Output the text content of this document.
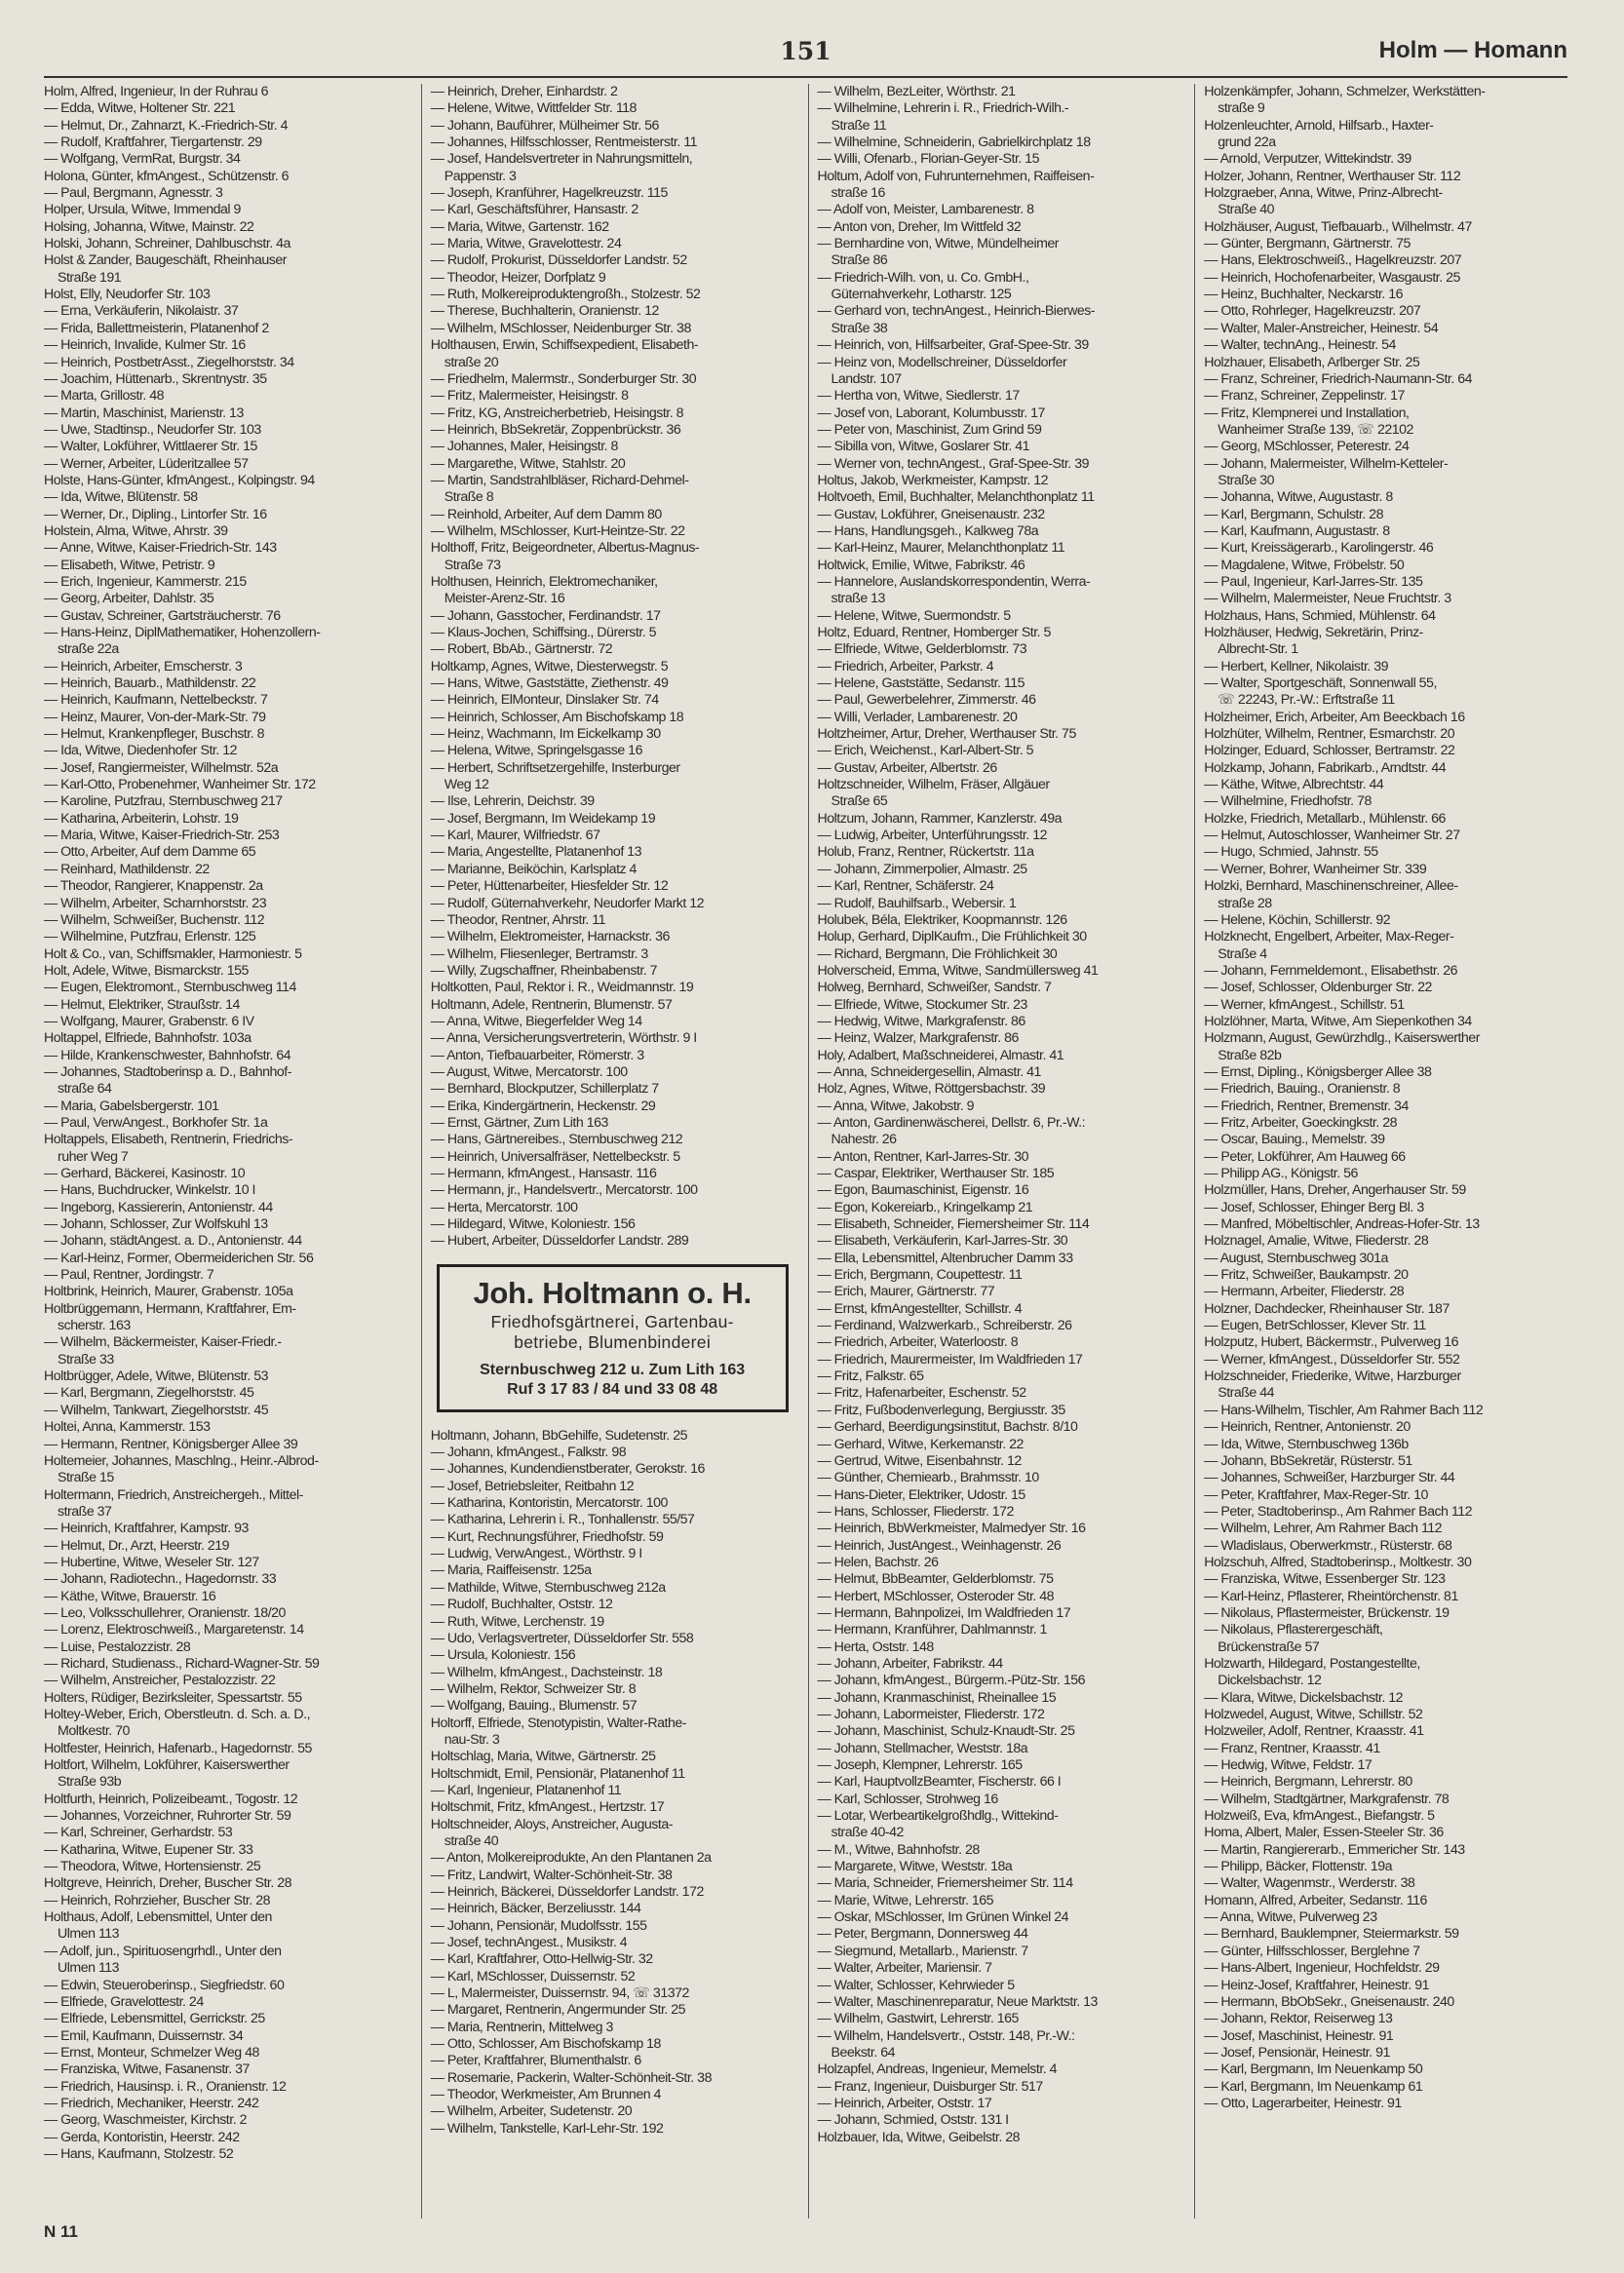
151	Holm — Homann
Holm, Alfred, Ingenieur, In der Ruhrau 6
— Edda, Witwe, Holtener Str. 221
— Helmut, Dr., Zahnarzt, K.-Friedrich-Str. 4
— Rudolf, Kraftfahrer, Tiergartenstr. 29
— Wolfgang, VermRat, Burgstr. 34
Holona, Günter, kfmAngest., Schützenstr. 6
— Paul, Bergmann, Agnesstr. 3
Holper, Ursula, Witwe, Immendal 9
Holsing, Johanna, Witwe, Mainstr. 22
Holski, Johann, Schreiner, Dahlbuschstr. 4a
Holst & Zander, Baugeschäft, Rheinhauser
Straße 191
Holst, Elly, Neudorfer Str. 103
— Erna, Verkäuferin, Nikolaistr. 37
— Frida, Ballettmeisterin, Platanenhof 2
— Heinrich, Invalide, Kulmer Str. 16
— Heinrich, PostbetrAsst., Ziegelhorststr. 34
— Joachim, Hüttenarb., Skrentnystr. 35
— Marta, Grillostr. 48
— Martin, Maschinist, Marienstr. 13
— Uwe, Stadtinsp., Neudorfer Str. 103
— Walter, Lokführer, Wittlaerer Str. 15
— Werner, Arbeiter, Lüderitzallee 57
Holste, Hans-Günter, kfmAngest., Kolpingstr. 94
— Ida, Witwe, Blütenstr. 58
— Werner, Dr., Dipling., Lintorfer Str. 16
Holstein, Alma, Witwe, Ahrstr. 39
— Anne, Witwe, Kaiser-Friedrich-Str. 143
— Elisabeth, Witwe, Petristr. 9
— Erich, Ingenieur, Kammerstr. 215
— Georg, Arbeiter, Dahlstr. 35
— Gustav, Schreiner, Gartsträucherstr. 76
— Hans-Heinz, DiplMathematiker, Hohenzollern-
straße 22a
— Heinrich, Arbeiter, Emscherstr. 3
— Heinrich, Bauarb., Mathildenstr. 22
— Heinrich, Kaufmann, Nettelbeckstr. 7
— Heinz, Maurer, Von-der-Mark-Str. 79
— Helmut, Krankenpfleger, Buschstr. 8
— Ida, Witwe, Diedenhofer Str. 12
— Josef, Rangiermeister, Wilhelmstr. 52a
— Karl-Otto, Probenehmer, Wanheimer Str. 172
— Karoline, Putzfrau, Sternbuschweg 217
— Katharina, Arbeiterin, Lohstr. 19
— Maria, Witwe, Kaiser-Friedrich-Str. 253
— Otto, Arbeiter, Auf dem Damme 65
— Reinhard, Mathildenstr. 22
— Theodor, Rangierer, Knappenstr. 2a
— Wilhelm, Arbeiter, Scharnhorststr. 23
— Wilhelm, Schweißer, Buchenstr. 112
— Wilhelmine, Putzfrau, Erlenstr. 125
Holt & Co., van, Schiffsmakler, Harmoniestr. 5
Holt, Adele, Witwe, Bismarckstr. 155
— Eugen, Elektromont., Sternbuschweg 114
— Helmut, Elektriker, Straußstr. 14
— Wolfgang, Maurer, Grabenstr. 6 IV
Holtappel, Elfriede, Bahnhofstr. 103a
— Hilde, Krankenschwester, Bahnhofstr. 64
— Johannes, Stadtoberinsp a. D., Bahnhof-
straße 64
— Maria, Gabelsbergerstr. 101
— Paul, VerwAngest., Borkhofer Str. 1a
Holtappels, Elisabeth, Rentnerin, Friedrichs-
ruher Weg 7
— Gerhard, Bäckerei, Kasinostr. 10
— Hans, Buchdrucker, Winkelstr. 10 I
— Ingeborg, Kassiererin, Antonienstr. 44
— Johann, Schlosser, Zur Wolfskuhl 13
— Johann, städtAngest. a. D., Antonienstr. 44
— Karl-Heinz, Former, Obermeiderichen Str. 56
— Paul, Rentner, Jordingstr. 7
Holtbrink, Heinrich, Maurer, Grabenstr. 105a
Holtbrüggemann, Hermann, Kraftfahrer, Em-
scherstr. 163
— Wilhelm, Bäckermeister, Kaiser-Friedr.-
Straße 33
Holtbrügger, Adele, Witwe, Blütenstr. 53
— Karl, Bergmann, Ziegelhorststr. 45
— Wilhelm, Tankwart, Ziegelhorststr. 45
Holtei, Anna, Kammerstr. 153
— Hermann, Rentner, Königsberger Allee 39
Holtemeier, Johannes, Maschlng., Heinr.-Albrod-
Straße 15
Holtermann, Friedrich, Anstreichergeh., Mittel-
straße 37
— Heinrich, Kraftfahrer, Kampstr. 93
— Helmut, Dr., Arzt, Heerstr. 219
— Hubertine, Witwe, Weseler Str. 127
— Johann, Radiotechn., Hagedornstr. 33
— Käthe, Witwe, Brauerstr. 16
— Leo, Volksschullehrer, Oranienstr. 18/20
— Lorenz, Elektroschweiß., Margaretenstr. 14
— Luise, Pestalozzistr. 28
— Richard, Studienass., Richard-Wagner-Str. 59
— Wilhelm, Anstreicher, Pestalozzistr. 22
Holters, Rüdiger, Bezirksleiter, Spessartstr. 55
Holtey-Weber, Erich, Oberstleutn. d. Sch. a. D.,
Moltkestr. 70
Holtfester, Heinrich, Hafenarb., Hagedornstr. 55
Holtfort, Wilhelm, Lokführer, Kaiserswerther
Straße 93b
Holtfurth, Heinrich, Polizeibeamt., Togostr. 12
— Johannes, Vorzeichner, Ruhrorter Str. 59
— Karl, Schreiner, Gerhardstr. 53
— Katharina, Witwe, Eupener Str. 33
— Theodora, Witwe, Hortensienstr. 25
Holtgreve, Heinrich, Dreher, Buscher Str. 28
— Heinrich, Rohrzieher, Buscher Str. 28
Holthaus, Adolf, Lebensmittel, Unter den
Ulmen 113
— Adolf, jun., Spirituosengrhdl., Unter den
Ulmen 113
— Edwin, Steueroberinsp., Siegfriedstr. 60
— Elfriede, Gravelottestr. 24
— Elfriede, Lebensmittel, Gerrickstr. 25
— Emil, Kaufmann, Duissernstr. 34
— Ernst, Monteur, Schmelzer Weg 48
— Franziska, Witwe, Fasanenstr. 37
— Friedrich, Hausinsp. i. R., Oranienstr. 12
— Friedrich, Mechaniker, Heerstr. 242
— Georg, Waschmeister, Kirchstr. 2
— Gerda, Kontoristin, Heerstr. 242
— Hans, Kaufmann, Stolzestr. 52
— Heinrich, Dreher, Einhardstr. 2
— Helene, Witwe, Wittfelder Str. 118
— Johann, Bauführer, Mülheimer Str. 56
— Johannes, Hilfsschlosser, Rentmeisterstr. 11
— Josef, Handelsvertreter in Nahrungsmitteln,
Pappenstr. 3
— Joseph, Kranführer, Hagelkreuzstr. 115
— Karl, Geschäftsführer, Hansastr. 2
— Maria, Witwe, Gartenstr. 162
— Maria, Witwe, Gravelottestr. 24
— Rudolf, Prokurist, Düsseldorfer Landstr. 52
— Theodor, Heizer, Dorfplatz 9
— Ruth, Molkereiproduktengroßh., Stolzestr. 52
— Therese, Buchhalterin, Oranienstr. 12
— Wilhelm, MSchlosser, Neidenburger Str. 38
Holthausen, Erwin, Schiffsexpedient, Elisabeth-
straße 20
— Friedhelm, Malermstr., Sonderburger Str. 30
— Fritz, Malermeister, Heisingstr. 8
— Fritz, KG, Anstreicherbetrieb, Heisingstr. 8
— Heinrich, BbSekretär, Zoppenbrückstr. 36
— Johannes, Maler, Heisingstr. 8
— Margarethe, Witwe, Stahlstr. 20
— Martin, Sandstrahlbläser, Richard-Dehmel-
Straße 8
— Reinhold, Arbeiter, Auf dem Damm 80
— Wilhelm, MSchlosser, Kurt-Heintze-Str. 22
Holthoff, Fritz, Beigeordneter, Albertus-Magnus-
Straße 73
Holthusen, Heinrich, Elektromechaniker,
Meister-Arenz-Str. 16
— Johann, Gasstocher, Ferdinandstr. 17
— Klaus-Jochen, Schiffsing., Dürerstr. 5
— Robert, BbAb., Gärtnerstr. 72
Holtkamp, Agnes, Witwe, Diesterwegstr. 5
— Hans, Witwe, Gaststätte, Ziethenstr. 49
— Heinrich, ElMonteur, Dinslaker Str. 74
— Heinrich, Schlosser, Am Bischofskamp 18
— Heinz, Wachmann, Im Eickelkamp 30
— Helena, Witwe, Springelsgasse 16
— Herbert, Schriftsetzergehilfe, Insterburger
Weg 12
— Ilse, Lehrerin, Deichstr. 39
— Josef, Bergmann, Im Weidekamp 19
— Karl, Maurer, Wilfriedstr. 67
— Maria, Angestellte, Platanenhof 13
— Marianne, Beiköchin, Karlsplatz 4
— Peter, Hüttenarbeiter, Hiesfelder Str. 12
— Rudolf, Güternahverkehr, Neudorfer Markt 12
— Theodor, Rentner, Ahrstr. 11
— Wilhelm, Elektromeister, Harnackstr. 36
— Wilhelm, Fliesenleger, Bertramstr. 3
— Willy, Zugschaffner, Rheinbabenstr. 7
Holtkotten, Paul, Rektor i. R., Weidmannstr. 19
Holtmann, Adele, Rentnerin, Blumenstr. 57
— Anna, Witwe, Biegerfelder Weg 14
— Anna, Versicherungsvertreterin, Wörthstr. 9 I
— Anton, Tiefbauarbeiter, Römerstr. 3
— August, Witwe, Mercatorstr. 100
— Bernhard, Blockputzer, Schillerplatz 7
— Erika, Kindergärtnerin, Heckenstr. 29
— Ernst, Gärtner, Zum Lith 163
— Hans, Gärtnereibes., Sternbuschweg 212
— Heinrich, Universalfräser, Nettelbeckstr. 5
— Hermann, kfmAngest., Hansastr. 116
— Hermann, jr., Handelsvertr., Mercatorstr. 100
— Herta, Mercatorstr. 100
— Hildegard, Witwe, Koloniestr. 156
— Hubert, Arbeiter, Düsseldorfer Landstr. 289
Joh. Holtmann o. H.
Friedhofsgärtnerei, Gartenbau-
betriebe, Blumenbinderei
Sternbuschweg 212 u. Zum Lith 163
Ruf 3 17 83 / 84 und 33 08 48
Holtmann, Johann, BbGehilfe, Sudetenstr. 25
— Johann, kfmAngest., Falkstr. 98
— Johannes, Kundendienstberater, Gerokstr. 16
— Josef, Betriebsleiter, Reitbahn 12
— Katharina, Kontoristin, Mercatorstr. 100
— Katharina, Lehrerin i. R., Tonhallenstr. 55/57
— Kurt, Rechnungsführer, Friedhofstr. 59
— Ludwig, VerwAngest., Wörthstr. 9 I
— Maria, Raiffeisenstr. 125a
— Mathilde, Witwe, Sternbuschweg 212a
— Rudolf, Buchhalter, Oststr. 12
— Ruth, Witwe, Lerchenstr. 19
— Udo, Verlagsvertreter, Düsseldorfer Str. 558
— Ursula, Koloniestr. 156
— Wilhelm, kfmAngest., Dachsteinstr. 18
— Wilhelm, Rektor, Schweizer Str. 8
— Wolfgang, Bauing., Blumenstr. 57
Holtorff, Elfriede, Stenotypistin, Walter-Rathe-
nau-Str. 3
Holtschlag, Maria, Witwe, Gärtnerstr. 25
Holtschmidt, Emil, Pensionär, Platanenhof 11
— Karl, Ingenieur, Platanenhof 11
Holtschmit, Fritz, kfmAngest., Hertzstr. 17
Holtschneider, Aloys, Anstreicher, Augusta-
straße 40
— Anton, Molkereiprodukte, An den Plantanen 2a
— Fritz, Landwirt, Walter-Schönheit-Str. 38
— Heinrich, Bäckerei, Düsseldorfer Landstr. 172
— Heinrich, Bäcker, Berzeliusstr. 144
— Johann, Pensionär, Mudolfsstr. 155
— Josef, technAngest., Musikstr. 4
— Karl, Kraftfahrer, Otto-Hellwig-Str. 32
— Karl, MSchlosser, Duissernstr. 52
— L, Malermeister, Duissernstr. 94, ☏ 31372
— Margaret, Rentnerin, Angermunder Str. 25
— Maria, Rentnerin, Mittelweg 3
— Otto, Schlosser, Am Bischofskamp 18
— Peter, Kraftfahrer, Blumenthalstr. 6
— Rosemarie, Packerin, Walter-Schönheit-Str. 38
— Theodor, Werkmeister, Am Brunnen 4
— Wilhelm, Arbeiter, Sudetenstr. 20
— Wilhelm, Tankstelle, Karl-Lehr-Str. 192
— Wilhelm, BezLeiter, Wörthstr. 21
— Wilhelmine, Lehrerin i. R., Friedrich-Wilh.-
Straße 11
— Wilhelmine, Schneiderin, Gabrielkirchplatz 18
— Willi, Ofenarb., Florian-Geyer-Str. 15
Holtum, Adolf von, Fuhrunternehmen, Raiffeisen-
straße 16
— Adolf von, Meister, Lambarenestr. 8
— Anton von, Dreher, Im Wittfeld 32
— Bernhardine von, Witwe, Mündelheimer
Straße 86
— Friedrich-Wilh. von, u. Co. GmbH.,
Güternahverkehr, Lotharstr. 125
— Gerhard von, technAngest., Heinrich-Bierwes-
Straße 38
— Heinrich, von, Hilfsarbeiter, Graf-Spee-Str. 39
— Heinz von, Modellschreiner, Düsseldorfer
Landstr. 107
— Hertha von, Witwe, Siedlerstr. 17
— Josef von, Laborant, Kolumbusstr. 17
— Peter von, Maschinist, Zum Grind 59
— Sibilla von, Witwe, Goslarer Str. 41
— Werner von, technAngest., Graf-Spee-Str. 39
Holtus, Jakob, Werkmeister, Kampstr. 12
Holtvoeth, Emil, Buchhalter, Melanchthonplatz 11
— Gustav, Lokführer, Gneisenaustr. 232
— Hans, Handlungsgeh., Kalkweg 78a
— Karl-Heinz, Maurer, Melanchthonplatz 11
Holtwick, Emilie, Witwe, Fabrikstr. 46
— Hannelore, Auslandskorrespondentin, Werra-
straße 13
— Helene, Witwe, Suermondstr. 5
Holtz, Eduard, Rentner, Homberger Str. 5
— Elfriede, Witwe, Gelderblomstr. 73
— Friedrich, Arbeiter, Parkstr. 4
— Helene, Gaststätte, Sedanstr. 115
— Paul, Gewerbelehrer, Zimmerstr. 46
— Willi, Verlader, Lambarenestr. 20
Holtzheimer, Artur, Dreher, Werthauser Str. 75
— Erich, Weichenst., Karl-Albert-Str. 5
— Gustav, Arbeiter, Albertstr. 26
Holtzschneider, Wilhelm, Fräser, Allgäuer
Straße 65
Holtzum, Johann, Rammer, Kanzlerstr. 49a
— Ludwig, Arbeiter, Unterführungsstr. 12
Holub, Franz, Rentner, Rückertstr. 11a
— Johann, Zimmerpolier, Almastr. 25
— Karl, Rentner, Schäferstr. 24
— Rudolf, Bauhilfsarb., Webersir. 1
Holubek, Béla, Elektriker, Koopmannstr. 126
Holup, Gerhard, DiplKaufm., Die Frühlichkeit 30
— Richard, Bergmann, Die Fröhlichkeit 30
Holverscheid, Emma, Witwe, Sandmüllersweg 41
Holweg, Bernhard, Schweißer, Sandstr. 7
— Elfriede, Witwe, Stockumer Str. 23
— Hedwig, Witwe, Markgrafenstr. 86
— Heinz, Walzer, Markgrafenstr. 86
Holy, Adalbert, Maßschneiderei, Almastr. 41
— Anna, Schneidergesellin, Almastr. 41
Holz, Agnes, Witwe, Röttgersbachstr. 39
— Anna, Witwe, Jakobstr. 9
— Anton, Gardinenwäscherei, Dellstr. 6, Pr.-W.:
Nahestr. 26
— Anton, Rentner, Karl-Jarres-Str. 30
— Caspar, Elektriker, Werthauser Str. 185
— Egon, Baumaschinist, Eigenstr. 16
— Egon, Kokereiarb., Kringelkamp 21
— Elisabeth, Schneider, Fiemersheimer Str. 114
— Elisabeth, Verkäuferin, Karl-Jarres-Str. 30
— Ella, Lebensmittel, Altenbrucher Damm 33
— Erich, Bergmann, Coupettestr. 11
— Erich, Maurer, Gärtnerstr. 77
— Ernst, kfmAngestellter, Schillstr. 4
— Ferdinand, Walzwerkarb., Schreiberstr. 26
— Friedrich, Arbeiter, Waterloostr. 8
— Friedrich, Maurermeister, Im Waldfrieden 17
— Fritz, Falkstr. 65
— Fritz, Hafenarbeiter, Eschenstr. 52
— Fritz, Fußbodenverlegung, Bergiusstr. 35
— Gerhard, Beerdigungsinstitut, Bachstr. 8/10
— Gerhard, Witwe, Kerkemanstr. 22
— Gertrud, Witwe, Eisenbahnstr. 12
— Günther, Chemiearb., Brahmsstr. 10
— Hans-Dieter, Elektriker, Udostr. 15
— Hans, Schlosser, Fliederstr. 172
— Heinrich, BbWerkmeister, Malmedyer Str. 16
— Heinrich, JustAngest., Weinhagenstr. 26
— Helen, Bachstr. 26
— Helmut, BbBeamter, Gelderblomstr. 75
— Herbert, MSchlosser, Osteroder Str. 48
— Hermann, Bahnpolizei, Im Waldfrieden 17
— Hermann, Kranführer, Dahlmannstr. 1
— Herta, Oststr. 148
— Johann, Arbeiter, Fabrikstr. 44
— Johann, kfmAngest., Bürgerm.-Pütz-Str. 156
— Johann, Kranmaschinist, Rheinallee 15
— Johann, Labormeister, Fliederstr. 172
— Johann, Maschinist, Schulz-Knaudt-Str. 25
— Johann, Stellmacher, Weststr. 18a
— Joseph, Klempner, Lehrerstr. 165
— Karl, HauptvollzBeamter, Fischerstr. 66 I
— Karl, Schlosser, Strohweg 16
— Lotar, Werbeartikelgroßhdlg., Wittekind-
straße 40-42
— M., Witwe, Bahnhofstr. 28
— Margarete, Witwe, Weststr. 18a
— Maria, Schneider, Friemersheimer Str. 114
— Marie, Witwe, Lehrerstr. 165
— Oskar, MSchlosser, Im Grünen Winkel 24
— Peter, Bergmann, Donnersweg 44
— Siegmund, Metallarb., Marienstr. 7
— Walter, Arbeiter, Mariensir. 7
— Walter, Schlosser, Kehrwieder 5
— Walter, Maschinenreparatur, Neue Marktstr. 13
— Wilhelm, Gastwirt, Lehrerstr. 165
— Wilhelm, Handelsvertr., Oststr. 148, Pr.-W.:
Beekstr. 64
Holzapfel, Andreas, Ingenieur, Memelstr. 4
— Franz, Ingenieur, Duisburger Str. 517
— Heinrich, Arbeiter, Oststr. 17
— Johann, Schmied, Oststr. 131 I
Holzbauer, Ida, Witwe, Geibelstr. 28
Holzenkämpfer, Johann, Schmelzer, Werkstätten-
straße 9
Holzenleuchter, Arnold, Hilfsarb., Haxter-
grund 22a
— Arnold, Verputzer, Wittekindstr. 39
Holzer, Johann, Rentner, Werthauser Str. 112
Holzgraeber, Anna, Witwe, Prinz-Albrecht-
Straße 40
Holzhäuser, August, Tiefbauarb., Wilhelmstr. 47
— Günter, Bergmann, Gärtnerstr. 75
— Hans, Elektroschweiß., Hagelkreuzstr. 207
— Heinrich, Hochofenarbeiter, Wasgaustr. 25
— Heinz, Buchhalter, Neckarstr. 16
— Otto, Rohrleger, Hagelkreuzstr. 207
— Walter, Maler-Anstreicher, Heinestr. 54
— Walter, technAng., Heinestr. 54
Holzhauer, Elisabeth, Arlberger Str. 25
— Franz, Schreiner, Friedrich-Naumann-Str. 64
— Franz, Schreiner, Zeppelinstr. 17
— Fritz, Klempnerei und Installation,
Wanheimer Straße 139, ☏ 22102
— Georg, MSchlosser, Peterestr. 24
— Johann, Malermeister, Wilhelm-Ketteler-
Straße 30
— Johanna, Witwe, Augustastr. 8
— Karl, Bergmann, Schulstr. 28
— Karl, Kaufmann, Augustastr. 8
— Kurt, Kreissägerarb., Karolingerstr. 46
— Magdalene, Witwe, Fröbelstr. 50
— Paul, Ingenieur, Karl-Jarres-Str. 135
— Wilhelm, Malermeister, Neue Fruchtstr. 3
Holzhaus, Hans, Schmied, Mühlenstr. 64
Holzhäuser, Hedwig, Sekretärin, Prinz-
Albrecht-Str. 1
— Herbert, Kellner, Nikolaistr. 39
— Walter, Sportgeschäft, Sonnenwall 55,
☏ 22243, Pr.-W.: Erftstraße 11
Holzheimer, Erich, Arbeiter, Am Beeckbach 16
Holzhüter, Wilhelm, Rentner, Esmarchstr. 20
Holzinger, Eduard, Schlosser, Bertramstr. 22
Holzkamp, Johann, Fabrikarb., Arndtstr. 44
— Käthe, Witwe, Albrechtstr. 44
— Wilhelmine, Friedhofstr. 78
Holzke, Friedrich, Metallarb., Mühlenstr. 66
— Helmut, Autoschlosser, Wanheimer Str. 27
— Hugo, Schmied, Jahnstr. 55
— Werner, Bohrer, Wanheimer Str. 339
Holzki, Bernhard, Maschinenschreiner, Allee-
straße 28
— Helene, Köchin, Schillerstr. 92
Holzknecht, Engelbert, Arbeiter, Max-Reger-
Straße 4
— Johann, Fernmeldemont., Elisabethstr. 26
— Josef, Schlosser, Oldenburger Str. 22
— Werner, kfmAngest., Schillstr. 51
Holzlöhner, Marta, Witwe, Am Siepenkothen 34
Holzmann, August, Gewürzhdlg., Kaiserswerther
Straße 82b
— Ernst, Dipling., Königsberger Allee 38
— Friedrich, Bauing., Oranienstr. 8
— Friedrich, Rentner, Bremenstr. 34
— Fritz, Arbeiter, Goeckingkstr. 28
— Oscar, Bauing., Memelstr. 39
— Peter, Lokführer, Am Hauweg 66
— Philipp AG., Königstr. 56
Holzmüller, Hans, Dreher, Angerhauser Str. 59
— Josef, Schlosser, Ehinger Berg Bl. 3
— Manfred, Möbeltischler, Andreas-Hofer-Str. 13
Holznagel, Amalie, Witwe, Fliederstr. 28
— August, Sternbuschweg 301a
— Fritz, Schweißer, Baukampstr. 20
— Hermann, Arbeiter, Fliederstr. 28
Holzner, Dachdecker, Rheinhauser Str. 187
— Eugen, BetrSchlosser, Klever Str. 11
Holzputz, Hubert, Bäckermstr., Pulverweg 16
— Werner, kfmAngest., Düsseldorfer Str. 552
Holzschneider, Friederike, Witwe, Harzburger
Straße 44
— Hans-Wilhelm, Tischler, Am Rahmer Bach 112
— Heinrich, Rentner, Antonienstr. 20
— Ida, Witwe, Sternbuschweg 136b
— Johann, BbSekretär, Rüsterstr. 51
— Johannes, Schweißer, Harzburger Str. 44
— Peter, Kraftfahrer, Max-Reger-Str. 10
— Peter, Stadtoberinsp., Am Rahmer Bach 112
— Wilhelm, Lehrer, Am Rahmer Bach 112
— Wladislaus, Oberwerkmstr., Rüsterstr. 68
Holzschuh, Alfred, Stadtoberinsp., Moltkestr. 30
— Franziska, Witwe, Essenberger Str. 123
— Karl-Heinz, Pflasterer, Rheintörchenstr. 81
— Nikolaus, Pflastermeister, Brückenstr. 19
— Nikolaus, Pflasterergeschäft,
Brückenstraße 57
Holzwarth, Hildegard, Postangestellte,
Dickelsbachstr. 12
— Klara, Witwe, Dickelsbachstr. 12
Holzwedel, August, Witwe, Schillstr. 52
Holzweiler, Adolf, Rentner, Kraasstr. 41
— Franz, Rentner, Kraasstr. 41
— Hedwig, Witwe, Feldstr. 17
— Heinrich, Bergmann, Lehrerstr. 80
— Wilhelm, Stadtgärtner, Markgrafenstr. 78
Holzweiß, Eva, kfmAngest., Biefangstr. 5
Homa, Albert, Maler, Essen-Steeler Str. 36
— Martin, Rangiererarb., Emmericher Str. 143
— Philipp, Bäcker, Flottenstr. 19a
— Walter, Wagenmstr., Werderstr. 38
Homann, Alfred, Arbeiter, Sedanstr. 116
— Anna, Witwe, Pulverweg 23
— Bernhard, Bauklempner, Steiermarkstr. 59
— Günter, Hilfsschlosser, Berglehne 7
— Hans-Albert, Ingenieur, Hochfeldstr. 29
— Heinz-Josef, Kraftfahrer, Heinestr. 91
— Hermann, BbObSekr., Gneisenaustr. 240
— Johann, Rektor, Reiserweg 13
— Josef, Maschinist, Heinestr. 91
— Josef, Pensionär, Heinestr. 91
— Karl, Bergmann, Im Neuenkamp 50
— Karl, Bergmann, Im Neuenkamp 61
— Otto, Lagerarbeiter, Heinestr. 91
N 11
